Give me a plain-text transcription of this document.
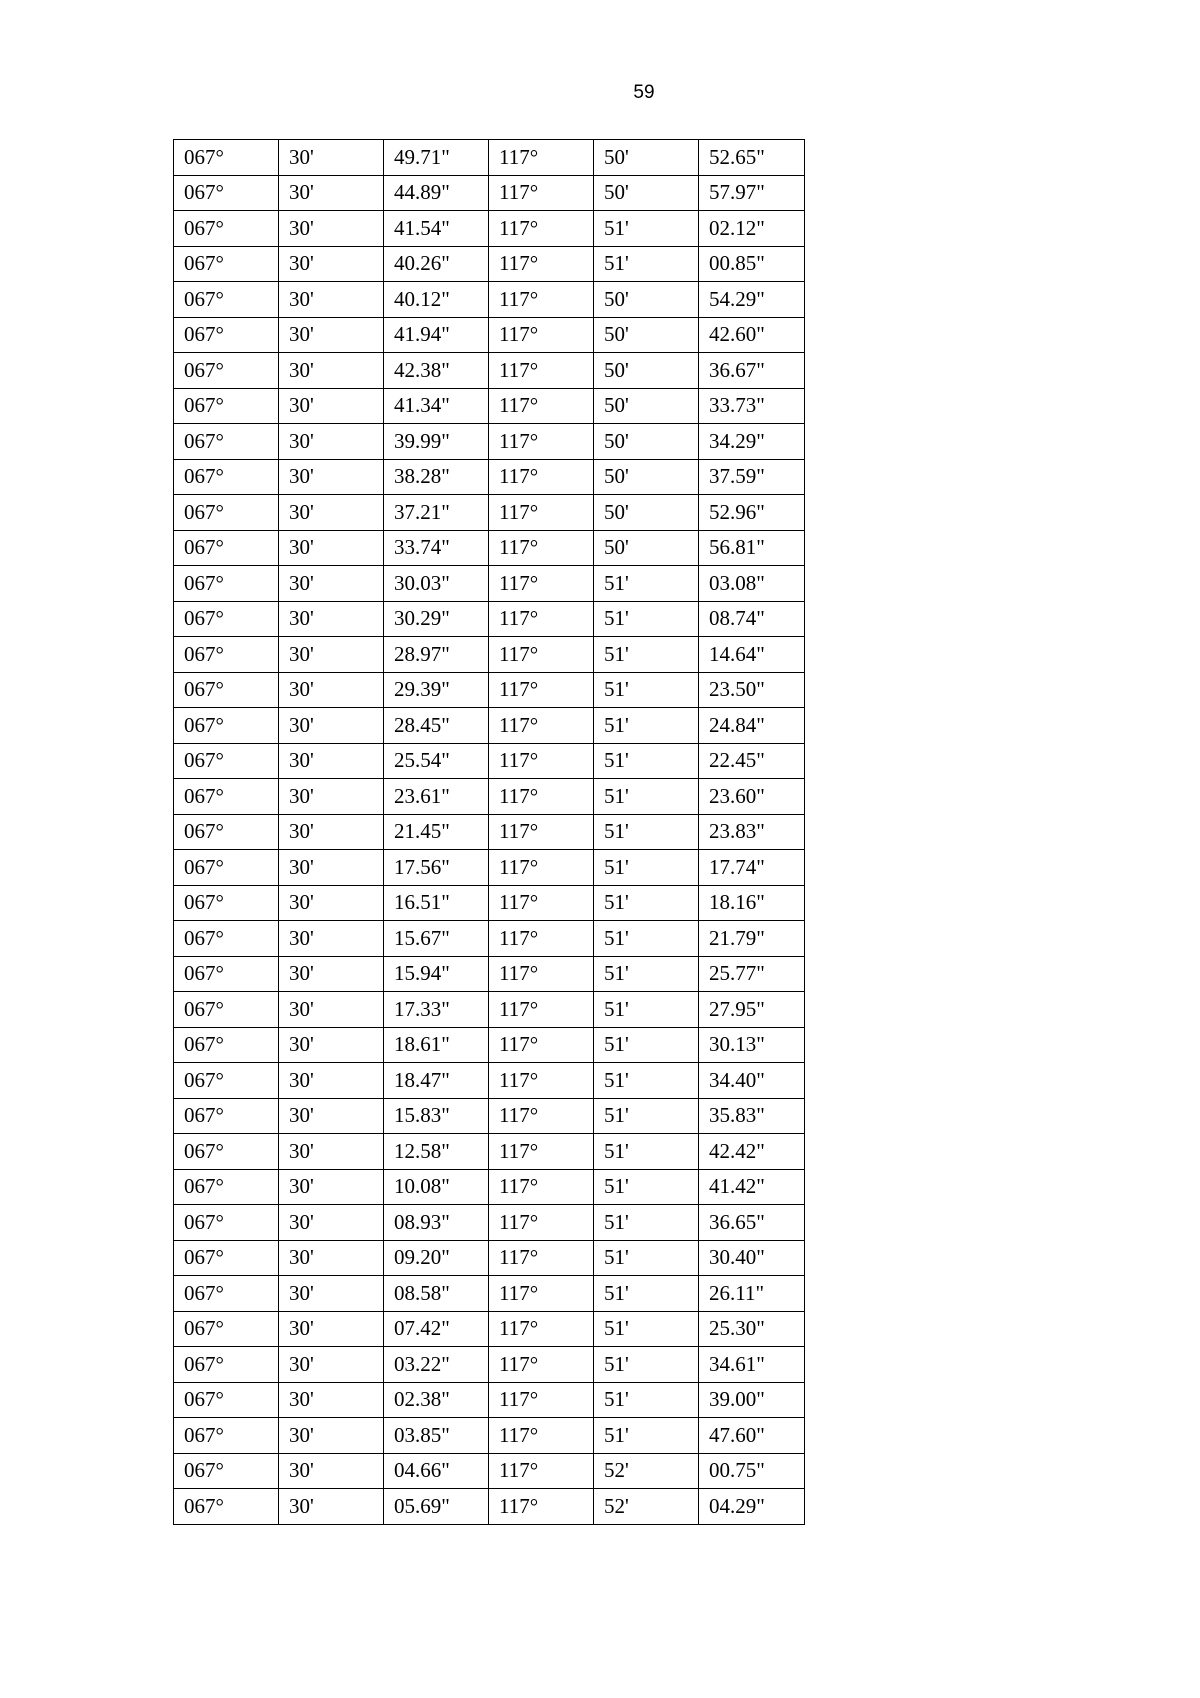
59
067°	30'	49.71"	117°	50'	52.65"
067°	30'	44.89"	117°	50'	57.97"
067°	30'	41.54"	117°	51'	02.12"
067°	30'	40.26"	117°	51'	00.85"
067°	30'	40.12"	117°	50'	54.29"
067°	30'	41.94"	117°	50'	42.60"
067°	30'	42.38"	117°	50'	36.67"
067°	30'	41.34"	117°	50'	33.73"
067°	30'	39.99"	117°	50'	34.29"
067°	30'	38.28"	117°	50'	37.59"
067°	30'	37.21"	117°	50'	52.96"
067°	30'	33.74"	117°	50'	56.81"
067°	30'	30.03"	117°	51'	03.08"
067°	30'	30.29"	117°	51'	08.74"
067°	30'	28.97"	117°	51'	14.64"
067°	30'	29.39"	117°	51'	23.50"
067°	30'	28.45"	117°	51'	24.84"
067°	30'	25.54"	117°	51'	22.45"
067°	30'	23.61"	117°	51'	23.60"
067°	30'	21.45"	117°	51'	23.83"
067°	30'	17.56"	117°	51'	17.74"
067°	30'	16.51"	117°	51'	18.16"
067°	30'	15.67"	117°	51'	21.79"
067°	30'	15.94"	117°	51'	25.77"
067°	30'	17.33"	117°	51'	27.95"
067°	30'	18.61"	117°	51'	30.13"
067°	30'	18.47"	117°	51'	34.40"
067°	30'	15.83"	117°	51'	35.83"
067°	30'	12.58"	117°	51'	42.42"
067°	30'	10.08"	117°	51'	41.42"
067°	30'	08.93"	117°	51'	36.65"
067°	30'	09.20"	117°	51'	30.40"
067°	30'	08.58"	117°	51'	26.11"
067°	30'	07.42"	117°	51'	25.30"
067°	30'	03.22"	117°	51'	34.61"
067°	30'	02.38"	117°	51'	39.00"
067°	30'	03.85"	117°	51'	47.60"
067°	30'	04.66"	117°	52'	00.75"
067°	30'	05.69"	117°	52'	04.29"
